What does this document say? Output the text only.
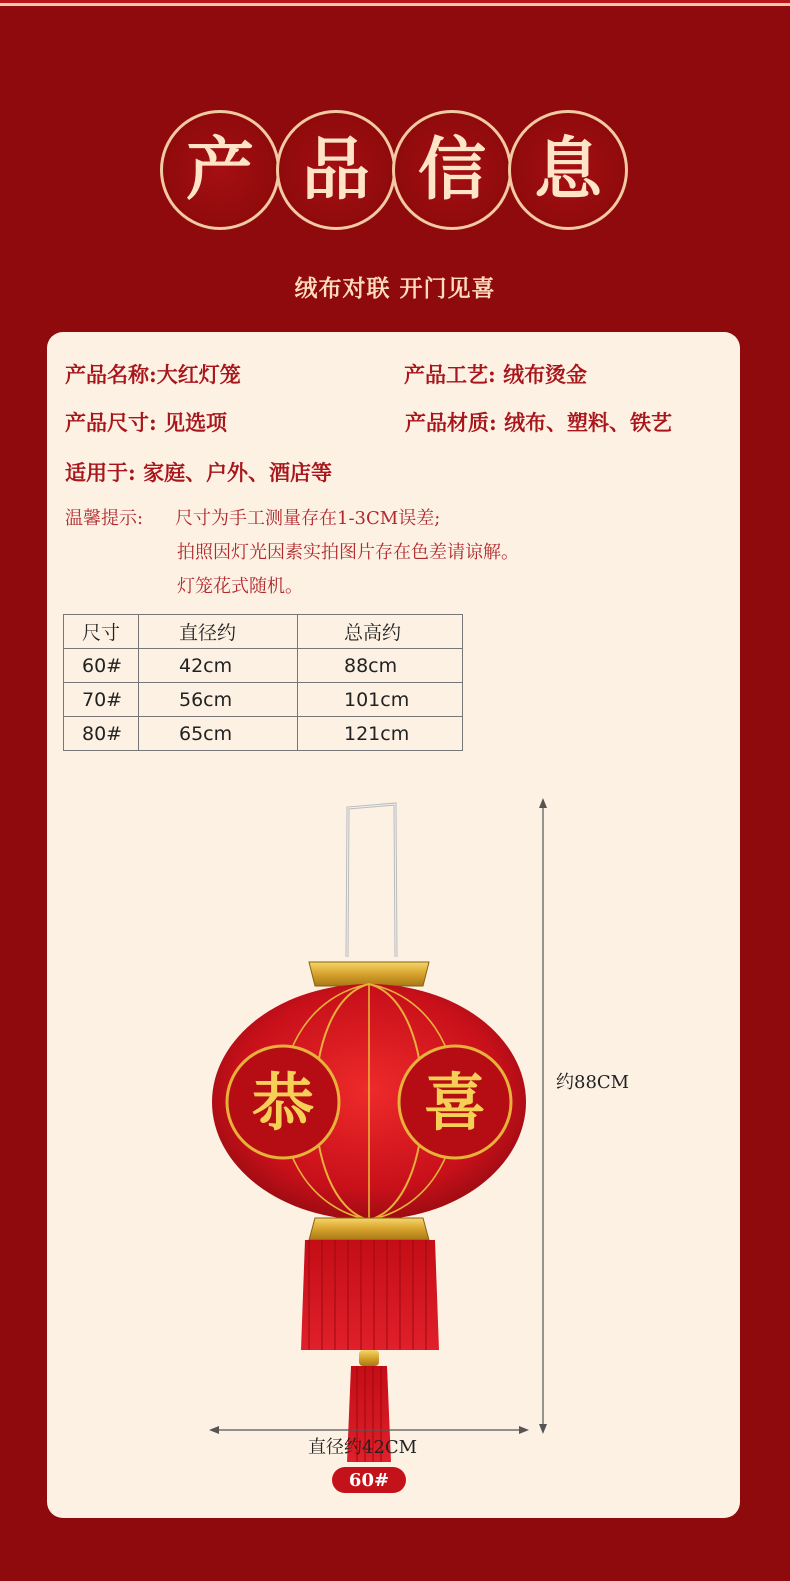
产 品 信 息
绒布对联 开门见喜
产品名称:大红灯笼	产品工艺: 绒布烫金
产品尺寸: 见选项	产品材质: 绒布、塑料、铁艺
适用于: 家庭、户外、酒店等
温馨提示: 尺寸为手工测量存在1-3CM误差;
拍照因灯光因素实拍图片存在色差请谅解。
灯笼花式随机。
尺寸	直径约	总高约
60#	42cm	88cm
70#	56cm	101cm
80#	65cm	121cm
恭 喜	约88CM
直径约42CM
60#
